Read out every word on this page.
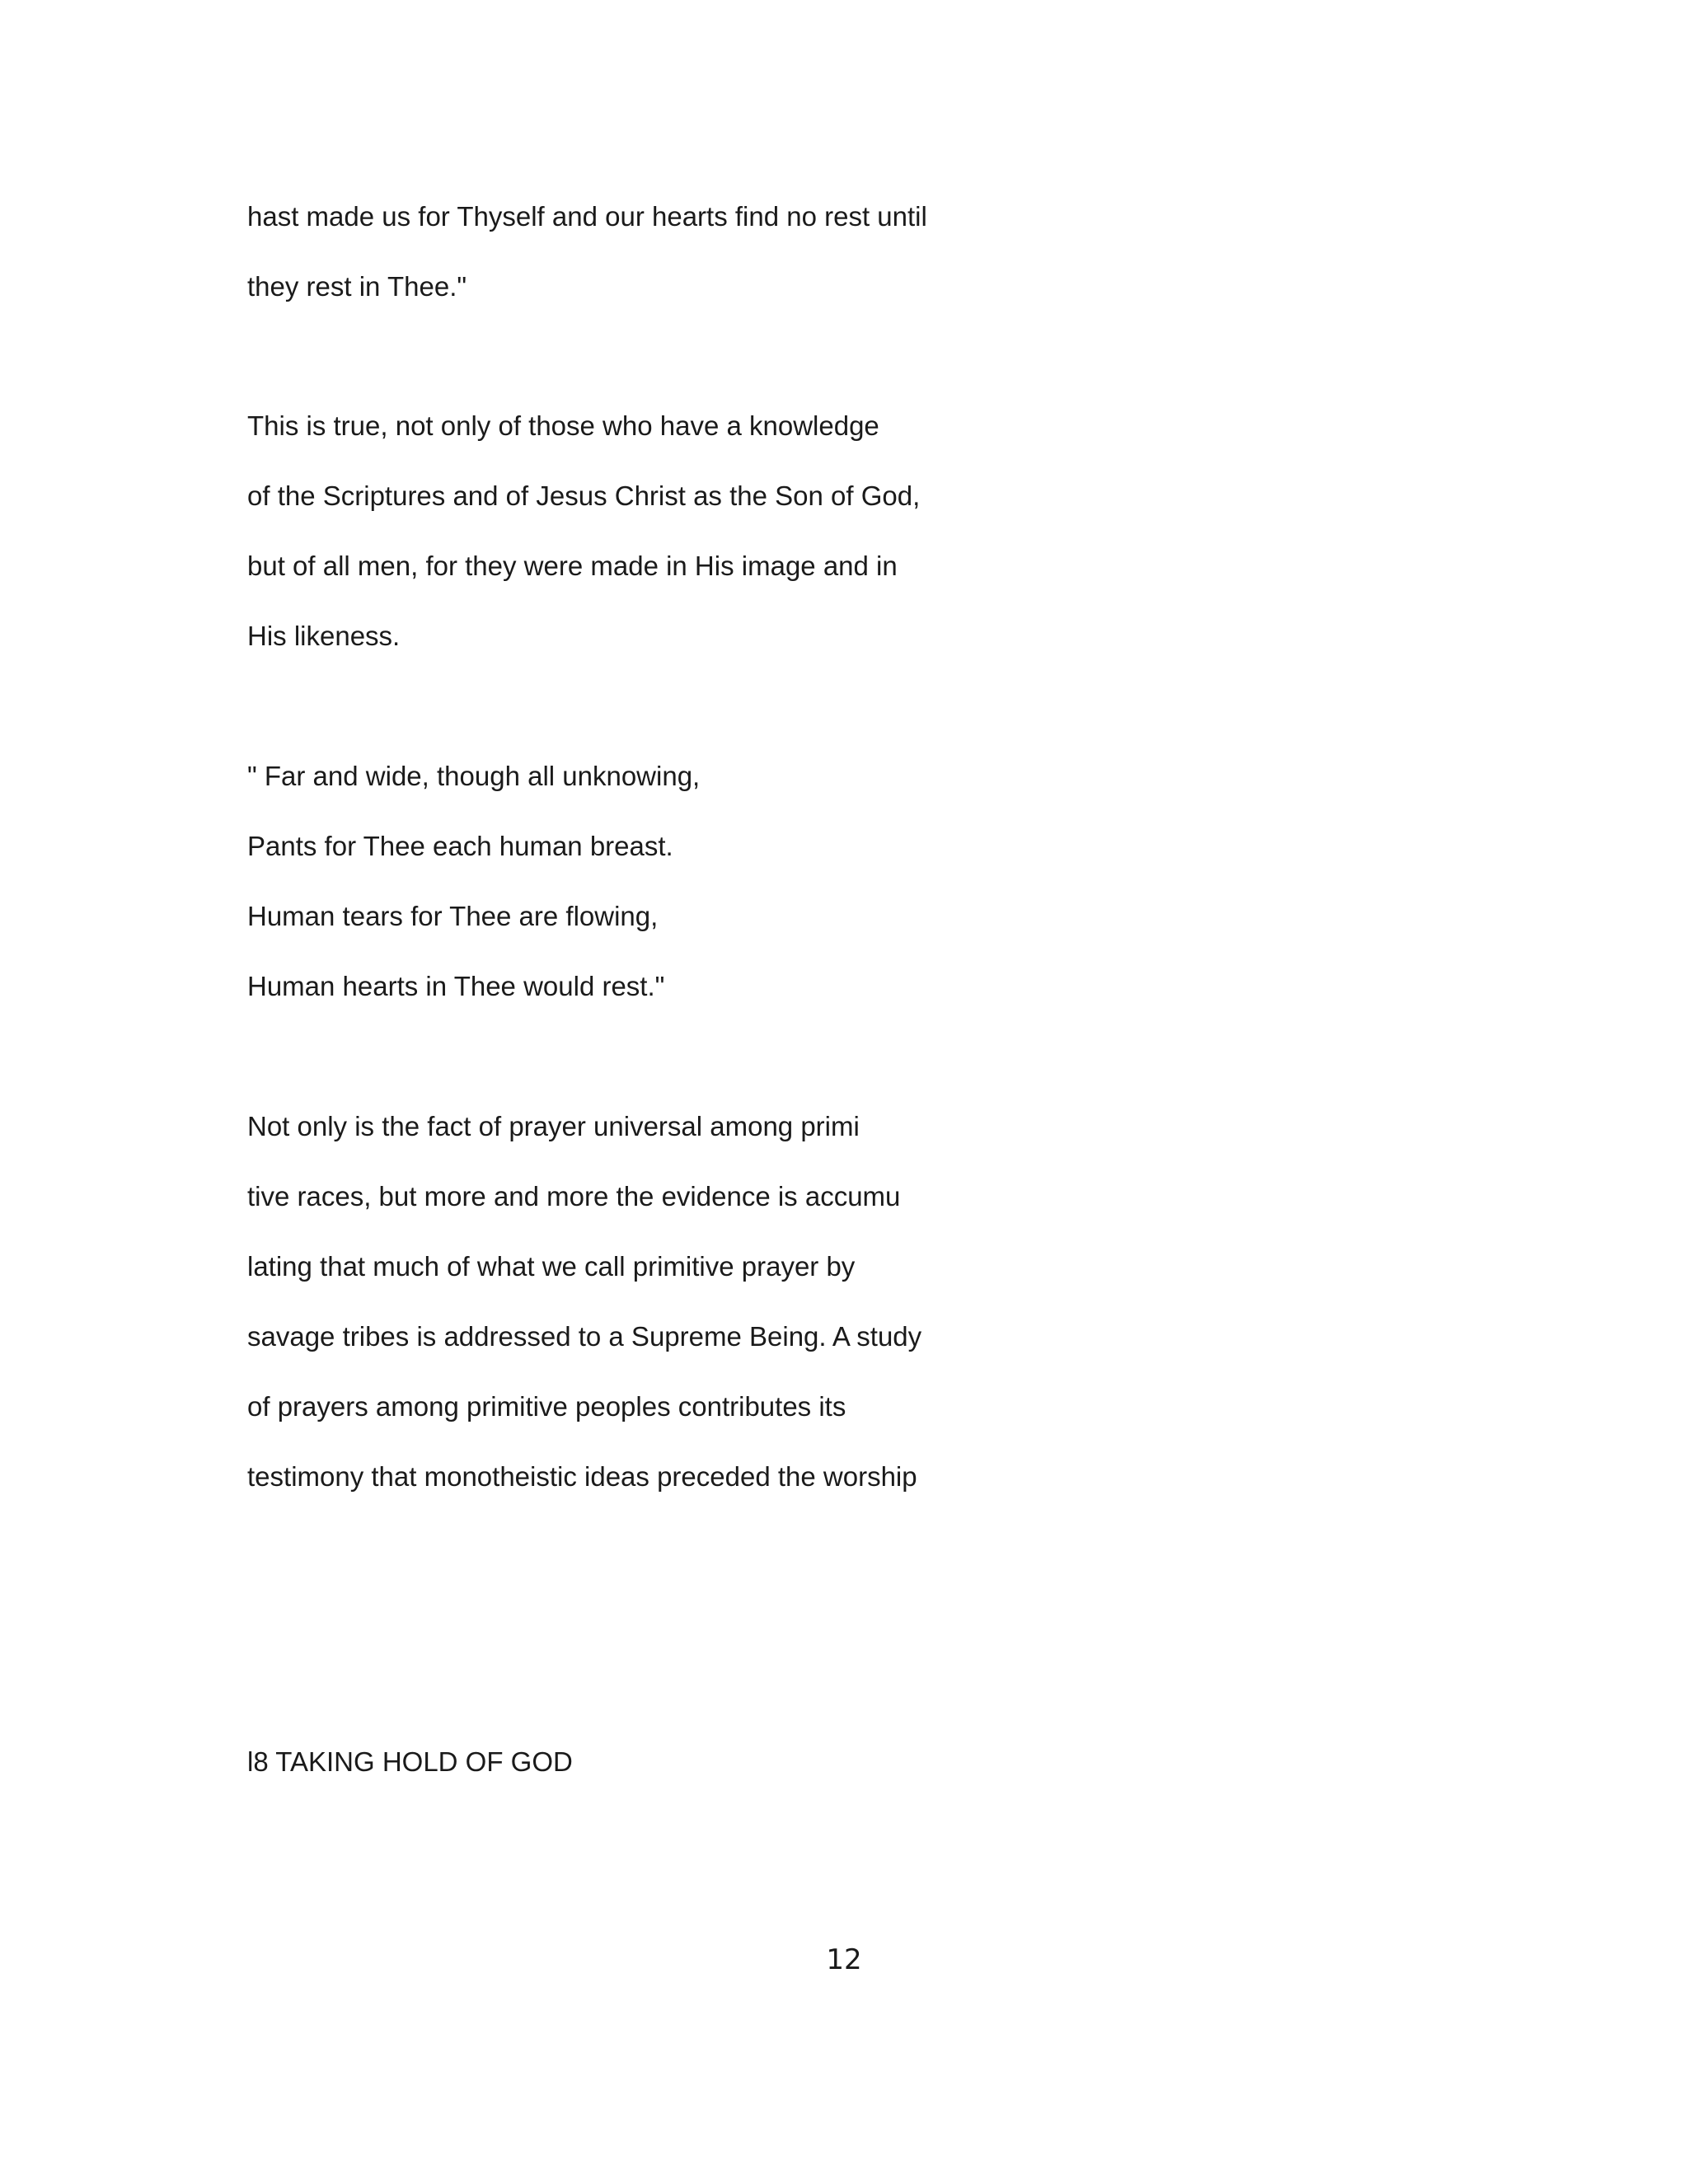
hast made us for Thyself and our hearts find no rest until
they rest in Thee."
This is true, not only of those who have a knowledge
of the Scriptures and of Jesus Christ as the Son of God,
but of all men, for they were made in His image and in
His likeness.
" Far and wide, though all unknowing,
Pants for Thee each human breast.
Human tears for Thee are flowing,
Human hearts in Thee would rest."
Not only is the fact of prayer universal among primi
tive races, but more and more the evidence is accumu
lating that much of what we call primitive prayer by
savage tribes is addressed to a Supreme Being. A study
of prayers among primitive peoples contributes its
testimony that monotheistic ideas preceded the worship
l8 TAKING HOLD OF GOD
12
